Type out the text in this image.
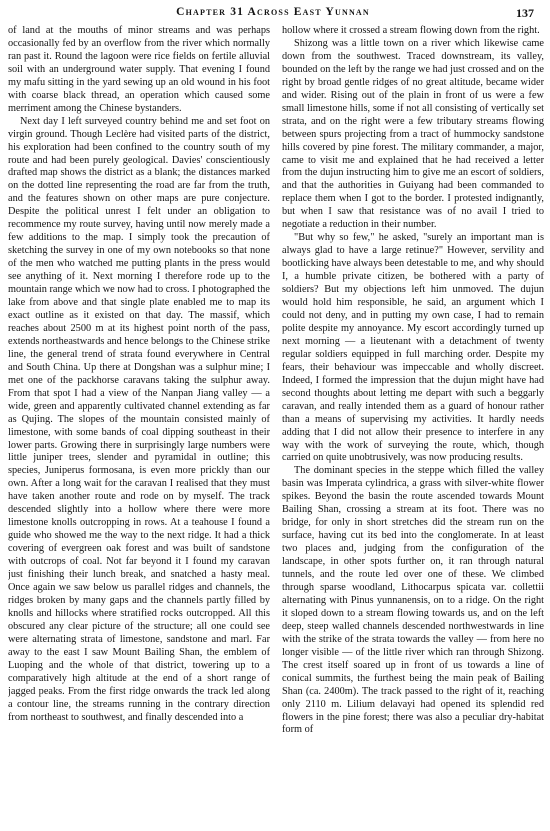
Chapter 31 Across East Yunnan	137

of land at the mouths of minor streams and was perhaps occasionally fed by an overflow from the river which normally ran past it. Round the lagoon were rice fields on fertile alluvial soil with an underground water supply. That evening I found my mafu sitting in the yard sewing up an old wound in his foot with coarse black thread, an operation which caused some merriment among the Chinese bystanders.

Next day I left surveyed country behind me and set foot on virgin ground. Though Leclère had visited parts of the district, his exploration had been confined to the country south of my route and had been purely geological. Davies' conscientiously drafted map shows the district as a blank; the distances marked on the dotted line representing the road are far from the truth, and the features shown on other maps are pure conjecture. Despite the political unrest I felt under an obligation to recommence my route survey, having until now merely made a few additions to the map. I simply took the precaution of sketching the survey in one of my own notebooks so that none of the men who watched me putting plants in the press would see anything of it. Next morning I therefore rode up to the mountain range which we now had to cross. I photographed the lake from above and that single plate enabled me to map its exact outline as it existed on that day. The massif, which reaches about 2500 m at its highest point north of the pass, extends northeastwards and hence belongs to the Chinese strike line, the general trend of strata found everywhere in Central and South China. Up there at Dongshan was a sulphur mine; I met one of the packhorse caravans taking the sulphur away. From that spot I had a view of the Nanpan Jiang valley — a wide, green and apparently cultivated channel extending as far as Qujing. The slopes of the mountain consisted mainly of limestone, with some bands of coal dipping southeast in their lower parts. Growing there in surprisingly large numbers were little juniper trees, slender and pyramidal in outline; this species, Juniperus formosana, is even more prickly than our own. After a long wait for the caravan I realised that they must have taken another route and rode on by myself. The track descended slightly into a hollow where there were more limestone knolls outcropping in rows. At a teahouse I found a guide who showed me the way to the next ridge. It had a thick covering of evergreen oak forest and was built of sandstone with outcrops of coal. Not far beyond it I found my caravan just finishing their lunch break, and snatched a hasty meal. Once again we saw below us parallel ridges and channels, the ridges broken by many gaps and the channels partly filled by knolls and hillocks where stratified rocks outcropped. All this obscured any clear picture of the structure; all one could see were alternating strata of limestone, sandstone and marl. Far away to the east I saw Mount Bailing Shan, the emblem of Luoping and the whole of that district, towering up to a comparatively high altitude at the end of a short range of jagged peaks. From the first ridge onwards the track led along a contour line, the streams running in the contrary direction from northeast to southwest, and finally descended into a

hollow where it crossed a stream flowing down from the right.

Shizong was a little town on a river which likewise came down from the southwest. Traced downstream, its valley, bounded on the left by the range we had just crossed and on the right by broad gentle ridges of no great altitude, became wider and wider. Rising out of the plain in front of us were a few small limestone hills, some if not all consisting of vertically set strata, and on the right were a few tributary streams flowing between spurs projecting from a tract of hummocky sandstone hills covered by pine forest. The military commander, a major, came to visit me and explained that he had received a letter from the dujun instructing him to give me an escort of soldiers, and that the authorities in Guiyang had been commanded to replace them when I got to the border. I protested indignantly, but when I saw that resistance was of no avail I tried to negotiate a reduction in their number.

"But why so few," he asked, "surely an important man is always glad to have a large retinue?" However, servility and bootlicking have always been detestable to me, and why should I, a humble private citizen, be bothered with a party of soldiers? But my objections left him unmoved. The dujun would hold him responsible, he said, an argument which I could not deny, and in putting my own case, I had to remain polite despite my annoyance. My escort accordingly turned up next morning — a lieutenant with a detachment of twenty regular soldiers equipped in full marching order. Despite my fears, their behaviour was impeccable and wholly discreet. Indeed, I formed the impression that the dujun might have had second thoughts about letting me depart with such a beggarly caravan, and really intended them as a guard of honour rather than a means of supervising my activities. It hardly needs adding that I did not allow their presence to interfere in any way with the work of surveying the route, which, though carried on quite unobtrusively, was now producing results.

The dominant species in the steppe which filled the valley basin was Imperata cylindrica, a grass with silver-white flower spikes. Beyond the basin the route ascended towards Mount Bailing Shan, crossing a stream at its foot. There was no bridge, for only in short stretches did the stream run on the surface, having cut its bed into the conglomerate. In at least two places and, judging from the configuration of the landscape, in other spots further on, it ran through natural tunnels, and the route led over one of these. We climbed through sparse woodland, Lithocarpus spicata var. collettii alternating with Pinus yunnanensis, on to a ridge. On the right it sloped down to a stream flowing towards us, and on the left deep, steep walled channels descended northwestwards in line with the strike of the strata towards the valley — from here no longer visible — of the little river which ran through Shizong. The crest itself soared up in front of us towards a line of conical summits, the furthest being the main peak of Bailing Shan (ca. 2400m). The track passed to the right of it, reaching only 2110 m. Lilium delavayi had opened its splendid red flowers in the pine forest; there was also a peculiar dry-habitat form of
